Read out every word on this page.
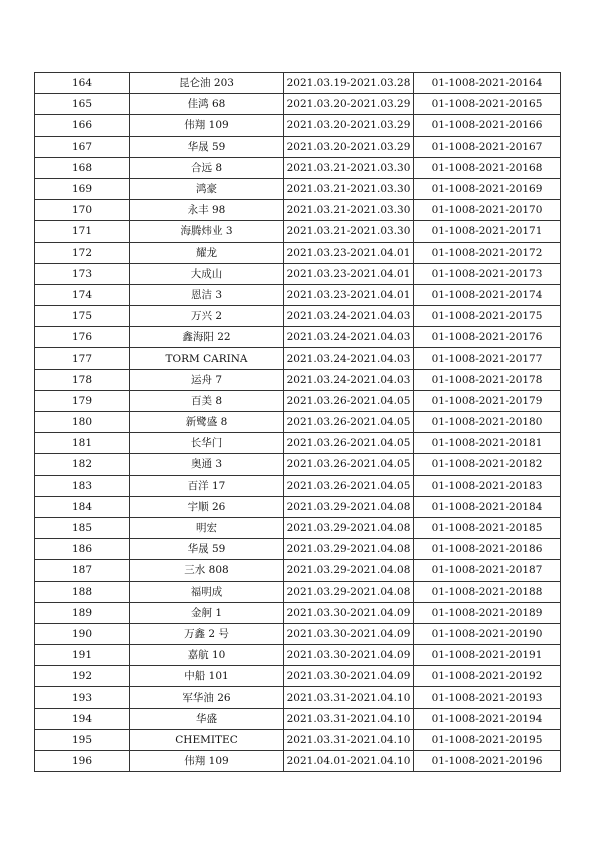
164	昆仑油 203	2021.03.19-2021.03.28	01-1008-2021-20164
165	佳鸿 68	2021.03.20-2021.03.29	01-1008-2021-20165
166	伟翔 109	2021.03.20-2021.03.29	01-1008-2021-20166
167	华晟 59	2021.03.20-2021.03.29	01-1008-2021-20167
168	合远 8	2021.03.21-2021.03.30	01-1008-2021-20168
169	鸿豪	2021.03.21-2021.03.30	01-1008-2021-20169
170	永丰 98	2021.03.21-2021.03.30	01-1008-2021-20170
171	海腾炜业 3	2021.03.21-2021.03.30	01-1008-2021-20171
172	耀龙	2021.03.23-2021.04.01	01-1008-2021-20172
173	大成山	2021.03.23-2021.04.01	01-1008-2021-20173
174	恩洁 3	2021.03.23-2021.04.01	01-1008-2021-20174
175	万兴 2	2021.03.24-2021.04.03	01-1008-2021-20175
176	鑫海阳 22	2021.03.24-2021.04.03	01-1008-2021-20176
177	TORM CARINA	2021.03.24-2021.04.03	01-1008-2021-20177
178	运舟 7	2021.03.24-2021.04.03	01-1008-2021-20178
179	百美 8	2021.03.26-2021.04.05	01-1008-2021-20179
180	新鹭盛 8	2021.03.26-2021.04.05	01-1008-2021-20180
181	长华门	2021.03.26-2021.04.05	01-1008-2021-20181
182	奥通 3	2021.03.26-2021.04.05	01-1008-2021-20182
183	百洋 17	2021.03.26-2021.04.05	01-1008-2021-20183
184	宇顺 26	2021.03.29-2021.04.08	01-1008-2021-20184
185	明宏	2021.03.29-2021.04.08	01-1008-2021-20185
186	华晟 59	2021.03.29-2021.04.08	01-1008-2021-20186
187	三水 808	2021.03.29-2021.04.08	01-1008-2021-20187
188	福明成	2021.03.29-2021.04.08	01-1008-2021-20188
189	金舸 1	2021.03.30-2021.04.09	01-1008-2021-20189
190	万鑫 2 号	2021.03.30-2021.04.09	01-1008-2021-20190
191	嘉航 10	2021.03.30-2021.04.09	01-1008-2021-20191
192	中船 101	2021.03.30-2021.04.09	01-1008-2021-20192
193	军华油 26	2021.03.31-2021.04.10	01-1008-2021-20193
194	华盛	2021.03.31-2021.04.10	01-1008-2021-20194
195	CHEMITEC	2021.03.31-2021.04.10	01-1008-2021-20195
196	伟翔 109	2021.04.01-2021.04.10	01-1008-2021-20196
